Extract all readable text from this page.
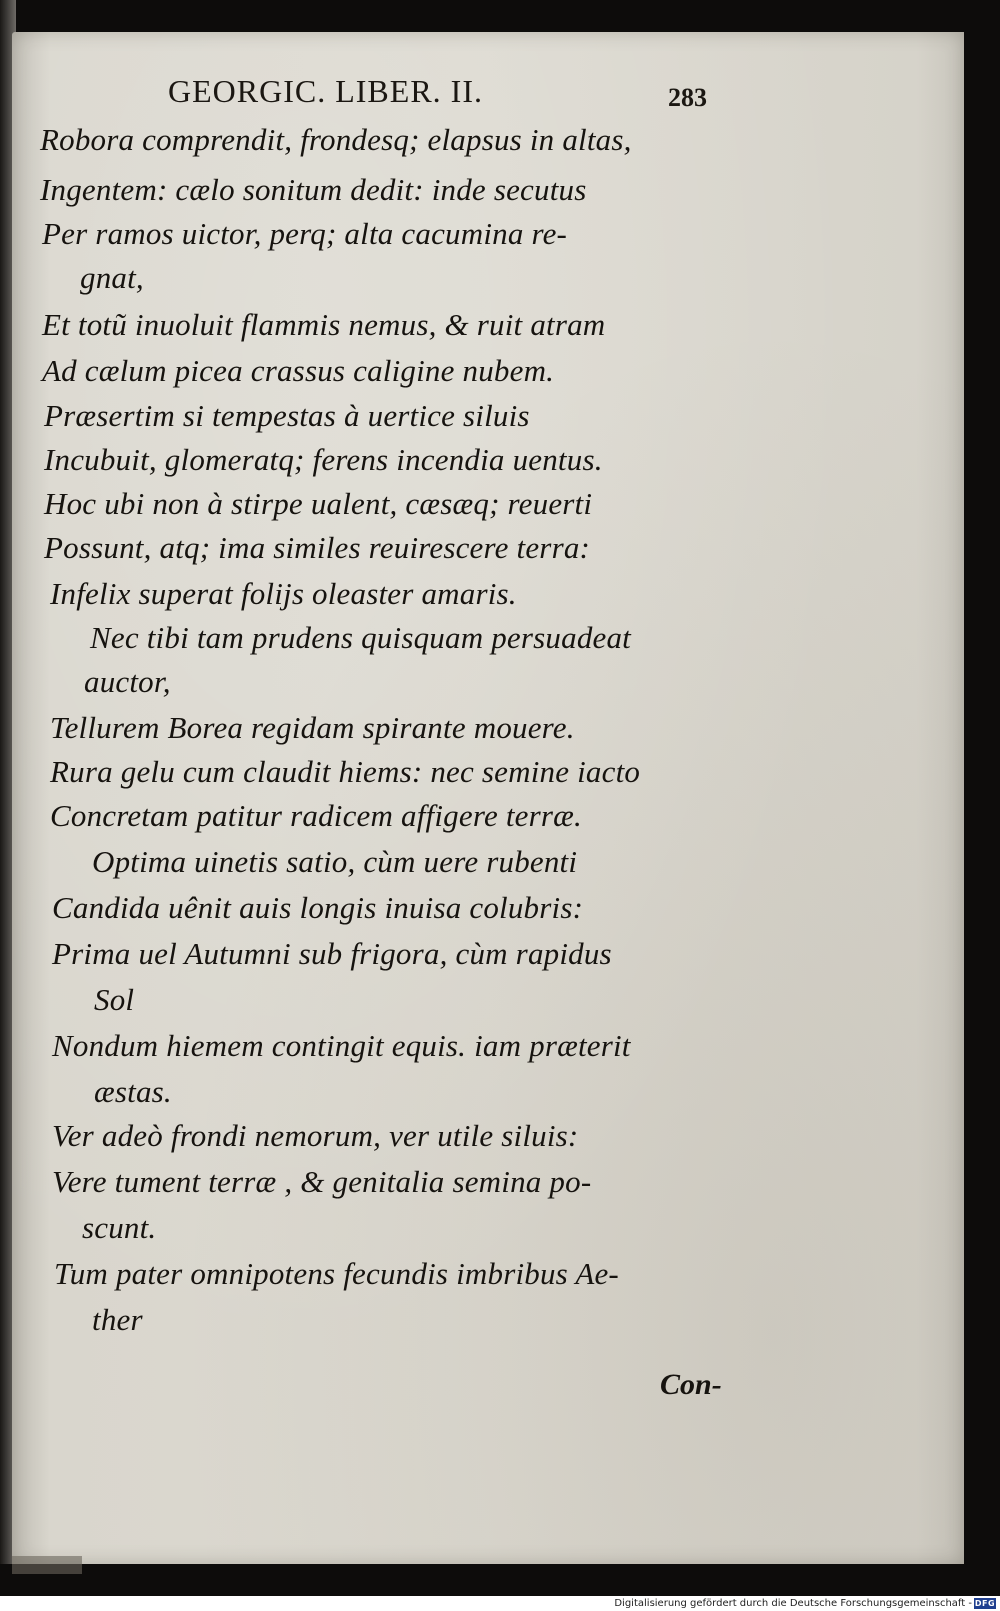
GEORGIC. LIBER. II.	283
Robora comprendit, frondesq; elapsus in altas,
Ingentem: cælo sonitum dedit: inde secutus
Per ramos uictor, perq; alta cacumina re-
gnat,
Et totũ inuoluit flammis nemus, & ruit atram
Ad cælum picea crassus caligine nubem.
Præsertim si tempestas à uertice siluis
Incubuit, glomeratq; ferens incendia uentus.
Hoc ubi non à stirpe ualent, cæsæq; reuerti
Possunt, atq; ima similes reuirescere terra:
Infelix superat folijs oleaster amaris.
Nec tibi tam prudens quisquam persuadeat
auctor,
Tellurem Borea regidam spirante mouere.
Rura gelu cum claudit hiems: nec semine iacto
Concretam patitur radicem affigere terræ.
Optima uinetis satio, cùm uere rubenti
Candida uênit auis longis inuisa colubris:
Prima uel Autumni sub frigora, cùm rapidus
Sol
Nondum hiemem contingit equis. iam præterit
æstas.
Ver adeò frondi nemorum, ver utile siluis:
Vere tument terræ , & genitalia semina po-
scunt.
Tum pater omnipotens fecundis imbribus Ae-
ther
Con-
Digitalisierung gefördert durch die Deutsche Forschungsgemeinschaft - DFG
